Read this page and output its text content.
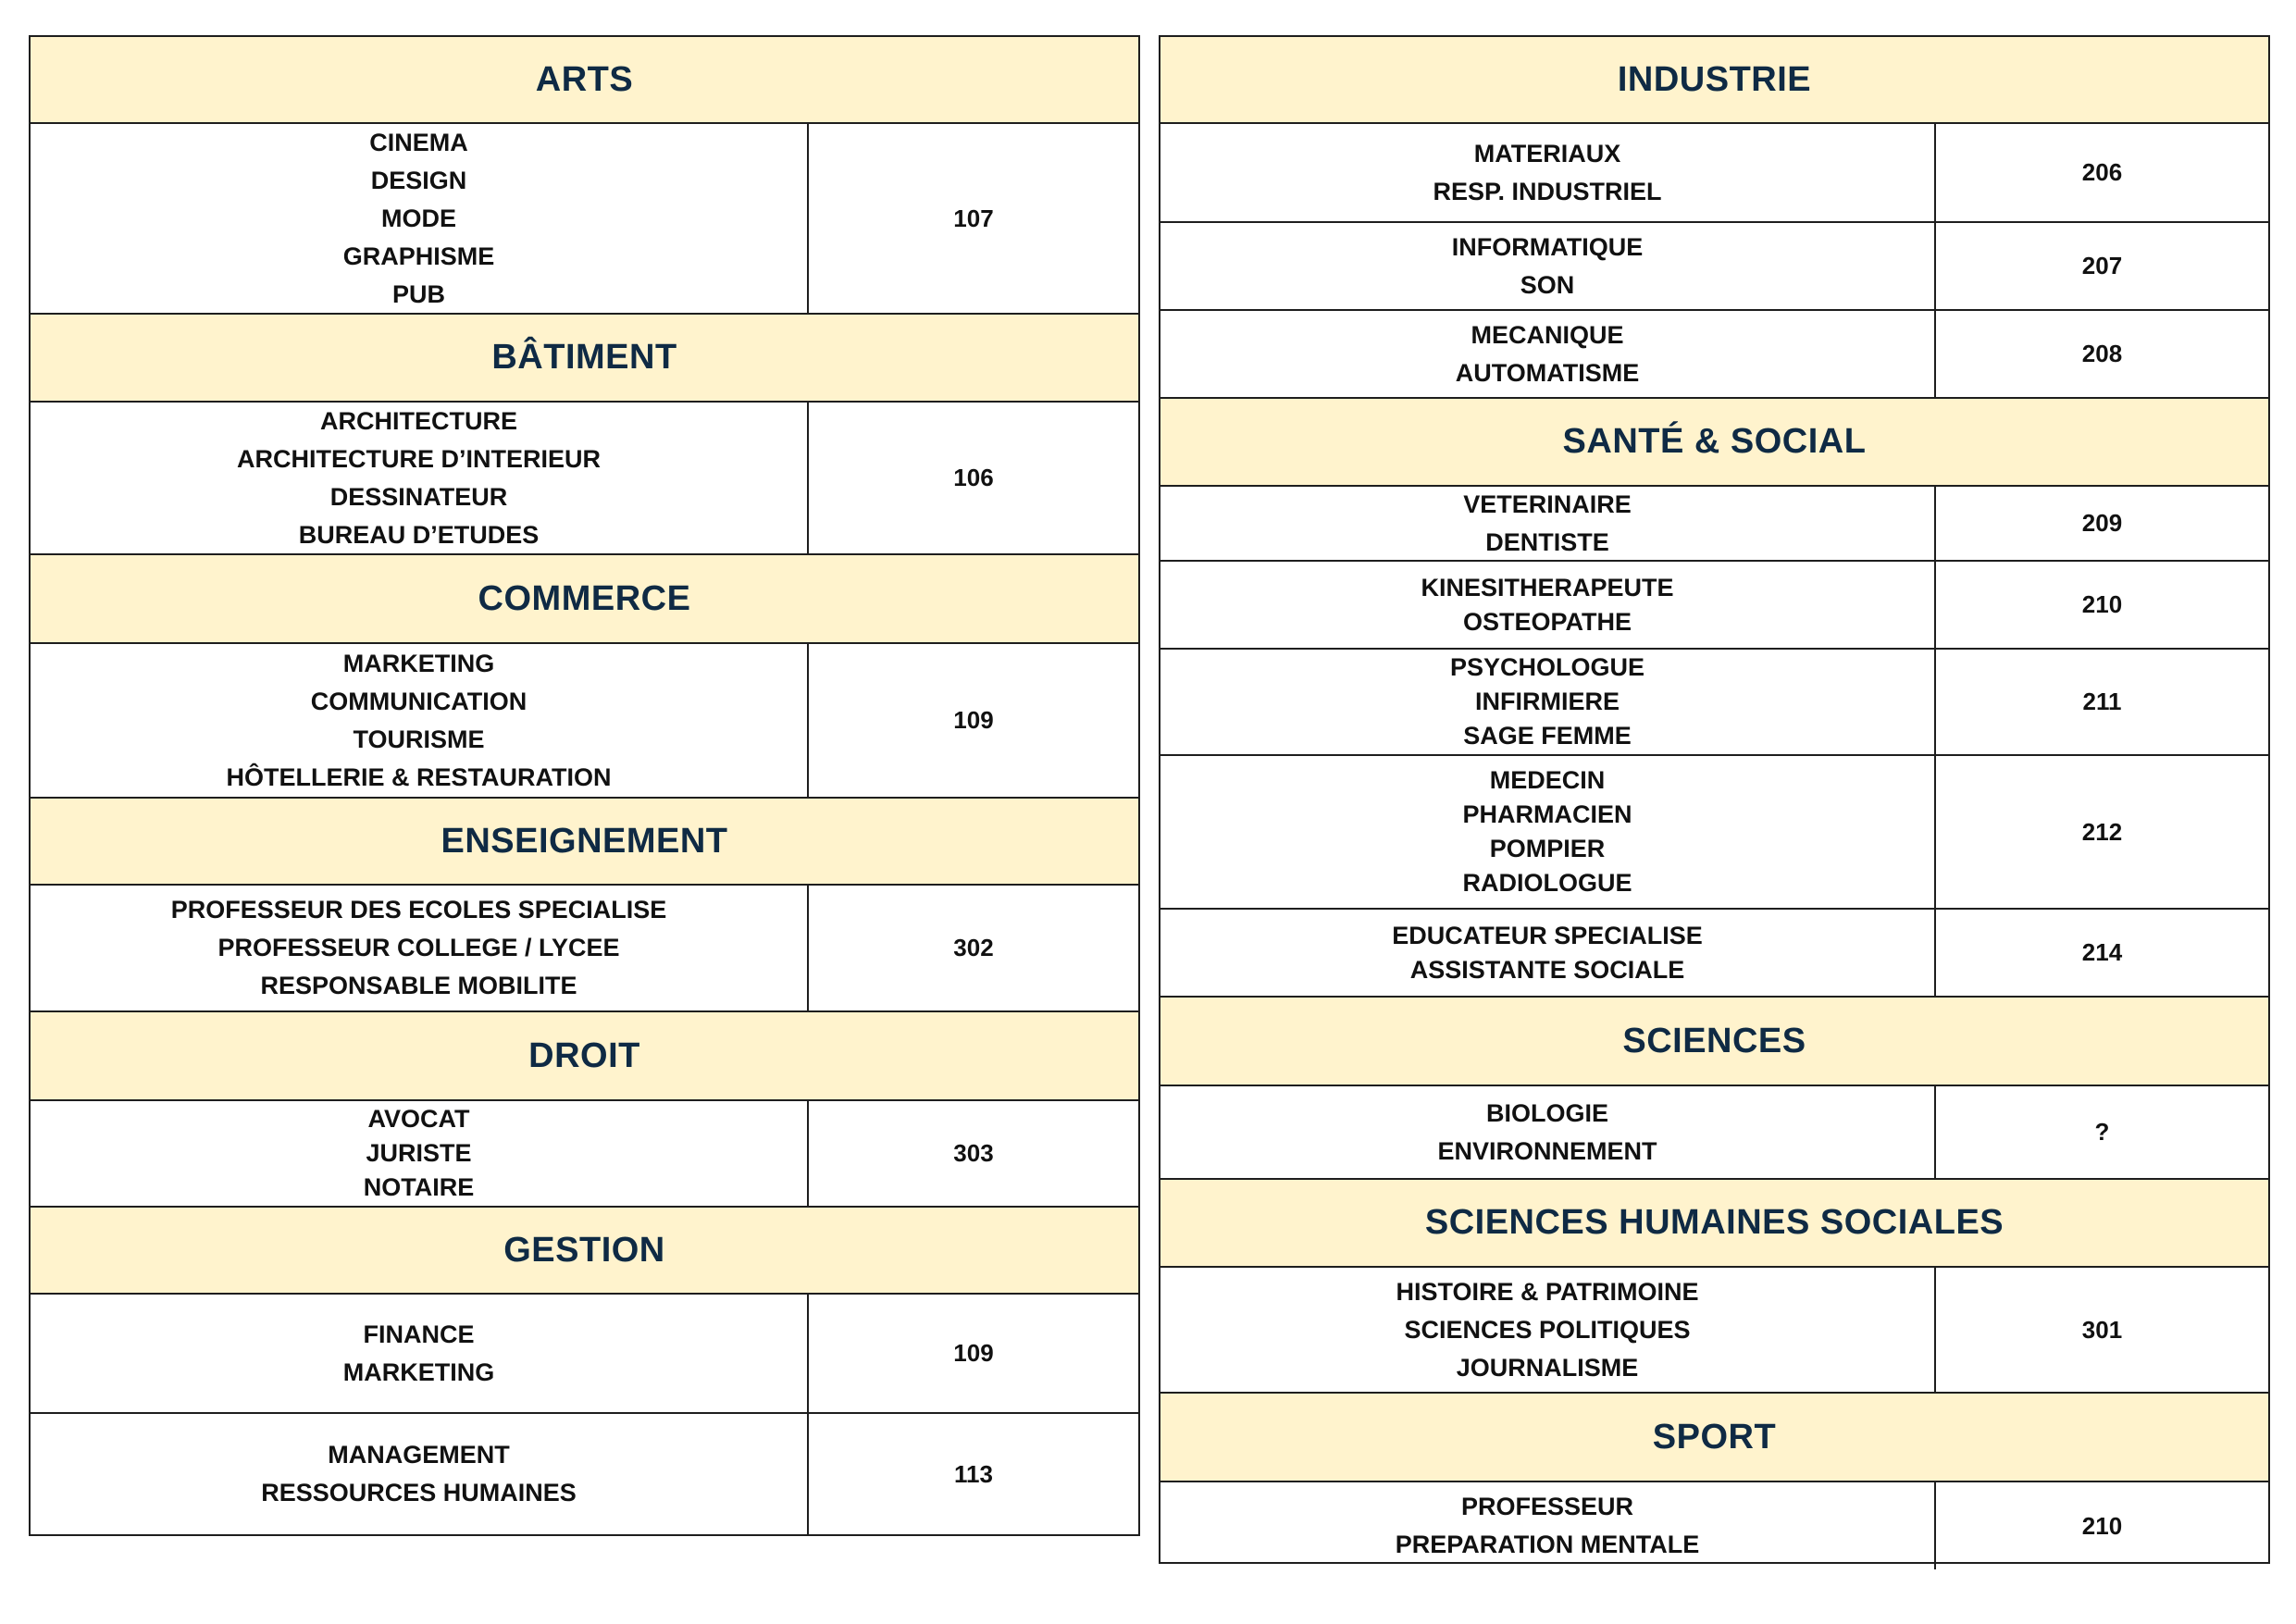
ARTS
CINEMA
DESIGN
MODE
GRAPHISME
PUB
107
BÂTIMENT
ARCHITECTURE
ARCHITECTURE D’INTERIEUR
DESSINATEUR
BUREAU D’ETUDES
106
COMMERCE
MARKETING
COMMUNICATION
TOURISME
HÔTELLERIE & RESTAURATION
109
ENSEIGNEMENT
PROFESSEUR DES ECOLES SPECIALISE
PROFESSEUR COLLEGE / LYCEE
RESPONSABLE MOBILITE
302
DROIT
AVOCAT
JURISTE
NOTAIRE
303
GESTION
FINANCE
MARKETING
109
MANAGEMENT
RESSOURCES HUMAINES
113
INDUSTRIE
MATERIAUX
RESP. INDUSTRIEL
206
INFORMATIQUE
SON
207
MECANIQUE
AUTOMATISME
208
SANTÉ & SOCIAL
VETERINAIRE
DENTISTE
209
KINESITHERAPEUTE
OSTEOPATHE
210
PSYCHOLOGUE
INFIRMIERE
SAGE FEMME
211
MEDECIN
PHARMACIEN
POMPIER
RADIOLOGUE
212
EDUCATEUR SPECIALISE
ASSISTANTE SOCIALE
214
SCIENCES
BIOLOGIE
ENVIRONNEMENT
?
SCIENCES HUMAINES SOCIALES
HISTOIRE & PATRIMOINE
SCIENCES POLITIQUES
JOURNALISME
301
SPORT
PROFESSEUR
PREPARATION MENTALE
210
